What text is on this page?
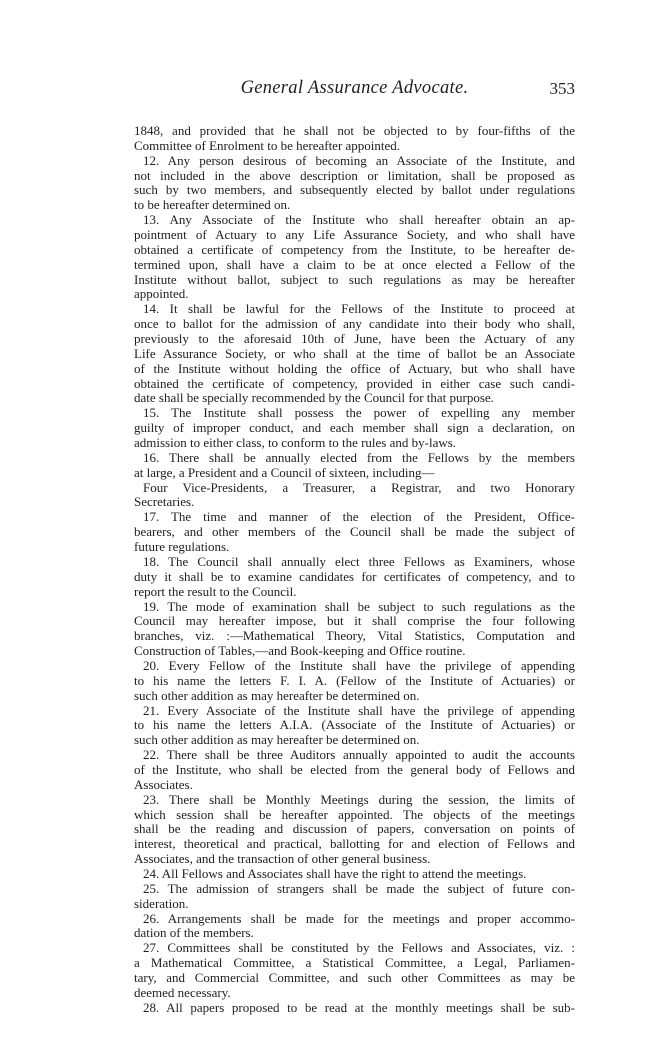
General Assurance Advocate.	353
1848, and provided that he shall not be objected to by four-fifths of the
Committee of Enrolment to be hereafter appointed.
12. Any person desirous of becoming an Associate of the Institute, and
not included in the above description or limitation, shall be proposed as
such by two members, and subsequently elected by ballot under regulations
to be hereafter determined on.
13. Any Associate of the Institute who shall hereafter obtain an ap-
pointment of Actuary to any Life Assurance Society, and who shall have
obtained a certificate of competency from the Institute, to be hereafter de-
termined upon, shall have a claim to be at once elected a Fellow of the
Institute without ballot, subject to such regulations as may be hereafter
appointed.
14. It shall be lawful for the Fellows of the Institute to proceed at
once to ballot for the admission of any candidate into their body who shall,
previously to the aforesaid 10th of June, have been the Actuary of any
Life Assurance Society, or who shall at the time of ballot be an Associate
of the Institute without holding the office of Actuary, but who shall have
obtained the certificate of competency, provided in either case such candi-
date shall be specially recommended by the Council for that purpose.
15. The Institute shall possess the power of expelling any member
guilty of improper conduct, and each member shall sign a declaration, on
admission to either class, to conform to the rules and by-laws.
16. There shall be annually elected from the Fellows by the members
at large, a President and a Council of sixteen, including—
Four Vice-Presidents, a Treasurer, a Registrar, and two Honorary
Secretaries.
17. The time and manner of the election of the President, Office-
bearers, and other members of the Council shall be made the subject of
future regulations.
18. The Council shall annually elect three Fellows as Examiners, whose
duty it shall be to examine candidates for certificates of competency, and to
report the result to the Council.
19. The mode of examination shall be subject to such regulations as the
Council may hereafter impose, but it shall comprise the four following
branches, viz. :—Mathematical Theory, Vital Statistics, Computation and
Construction of Tables,—and Book-keeping and Office routine.
20. Every Fellow of the Institute shall have the privilege of appending
to his name the letters F. I. A. (Fellow of the Institute of Actuaries) or
such other addition as may hereafter be determined on.
21. Every Associate of the Institute shall have the privilege of appending
to his name the letters A.I.A. (Associate of the Institute of Actuaries) or
such other addition as may hereafter be determined on.
22. There shall be three Auditors annually appointed to audit the accounts
of the Institute, who shall be elected from the general body of Fellows and
Associates.
23. There shall be Monthly Meetings during the session, the limits of
which session shall be hereafter appointed. The objects of the meetings
shall be the reading and discussion of papers, conversation on points of
interest, theoretical and practical, ballotting for and election of Fellows and
Associates, and the transaction of other general business.
24. All Fellows and Associates shall have the right to attend the meetings.
25. The admission of strangers shall be made the subject of future con-
sideration.
26. Arrangements shall be made for the meetings and proper accommo-
dation of the members.
27. Committees shall be constituted by the Fellows and Associates, viz. :
a Mathematical Committee, a Statistical Committee, a Legal, Parliamen-
tary, and Commercial Committee, and such other Committees as may be
deemed necessary.
28. All papers proposed to be read at the monthly meetings shall be sub-
